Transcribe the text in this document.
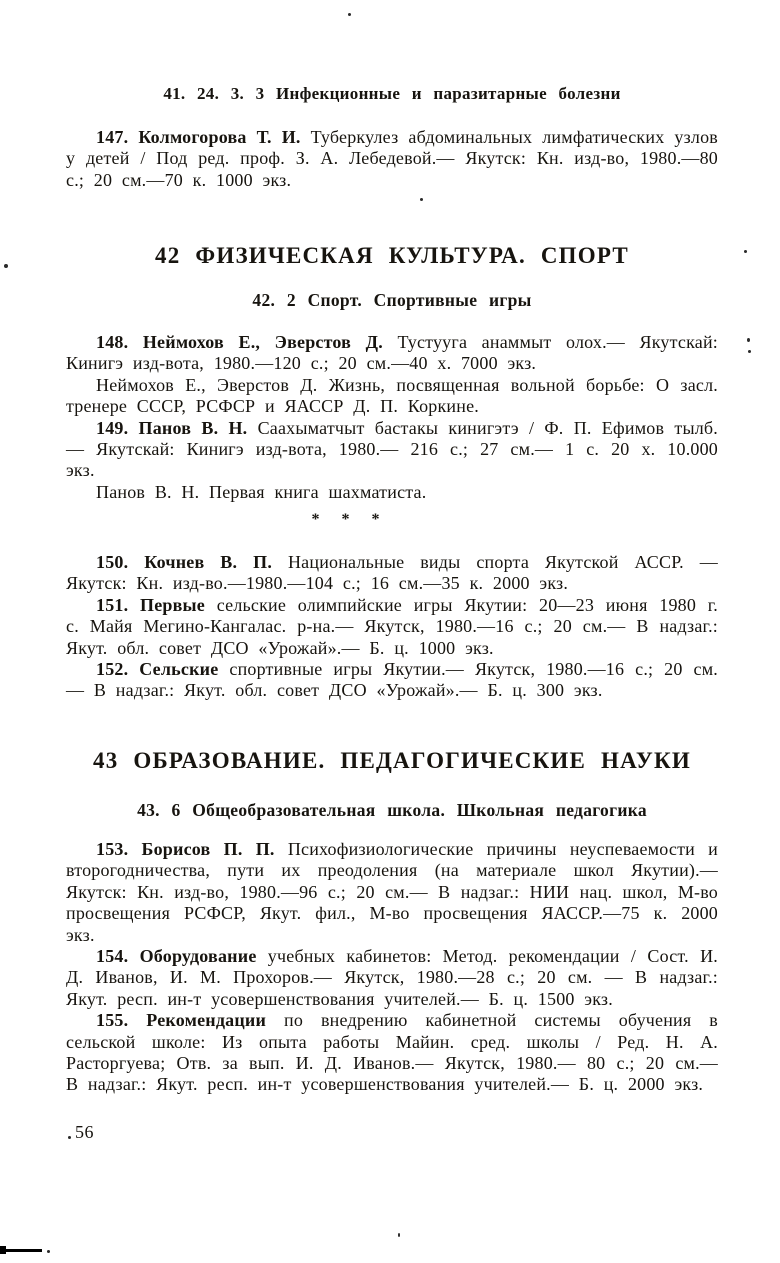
41. 24. 3. 3 Инфекционные и паразитарные болезни

147. Колмогорова Т. И. Туберкулез абдоминальных лимфатических узлов у детей / Под ред. проф. З. А. Лебедевой.— Якутск: Кн. изд-во, 1980.—80 с.; 20 см.—70 к. 1000 экз.

42 ФИЗИЧЕСКАЯ КУЛЬТУРА. СПОРТ
42. 2 Спорт. Спортивные игры

148. Неймохов Е., Эверстов Д. Тустууга анаммыт олох.— Якутскай: Кинигэ изд-вота, 1980.—120 с.; 20 см.—40 х. 7000 экз.

Неймохов Е., Эверстов Д. Жизнь, посвященная вольной борьбе: О засл. тренере СССР, РСФСР и ЯАССР Д. П. Коркине.

149. Панов В. Н. Саахыматчыт бастакы кинигэтэ / Ф. П. Ефимов тылб.— Якутскай: Кинигэ изд-вота, 1980.— 216 с.; 27 см.— 1 с. 20 х. 10.000 экз.

Панов В. Н. Первая книга шахматиста.

* * *

150. Кочнев В. П. Национальные виды спорта Якутской АССР. — Якутск: Кн. изд-во.—1980.—104 с.; 16 см.—35 к. 2000 экз.

151. Первые сельские олимпийские игры Якутии: 20—23 июня 1980 г. с. Майя Мегино-Кангалас. р-на.— Якутск, 1980.—16 с.; 20 см.— В надзаг.: Якут. обл. совет ДСО «Урожай».— Б. ц. 1000 экз.

152. Сельские спортивные игры Якутии.— Якутск, 1980.—16 с.; 20 см.— В надзаг.: Якут. обл. совет ДСО «Урожай».— Б. ц. 300 экз.

43 ОБРАЗОВАНИЕ. ПЕДАГОГИЧЕСКИЕ НАУКИ
43. 6 Общеобразовательная школа. Школьная педагогика

153. Борисов П. П. Психофизиологические причины неуспеваемости и второгодничества, пути их преодоления (на материале школ Якутии).— Якутск: Кн. изд-во, 1980.—96 с.; 20 см.— В надзаг.: НИИ нац. школ, М-во просвещения РСФСР, Якут. фил., М-во просвещения ЯАССР.—75 к. 2000 экз.

154. Оборудование учебных кабинетов: Метод. рекомендации / Сост. И. Д. Иванов, И. М. Прохоров.— Якутск, 1980.—28 с.; 20 см. — В надзаг.: Якут. респ. ин-т усовершенствования учителей.— Б. ц. 1500 экз.

155. Рекомендации по внедрению кабинетной системы обучения в сельской школе: Из опыта работы Майин. сред. школы / Ред. Н. А. Расторгуева; Отв. за вып. И. Д. Иванов.— Якутск, 1980.— 80 с.; 20 см.— В надзаг.: Якут. респ. ин-т усовершенствования учителей.— Б. ц. 2000 экз.

56
